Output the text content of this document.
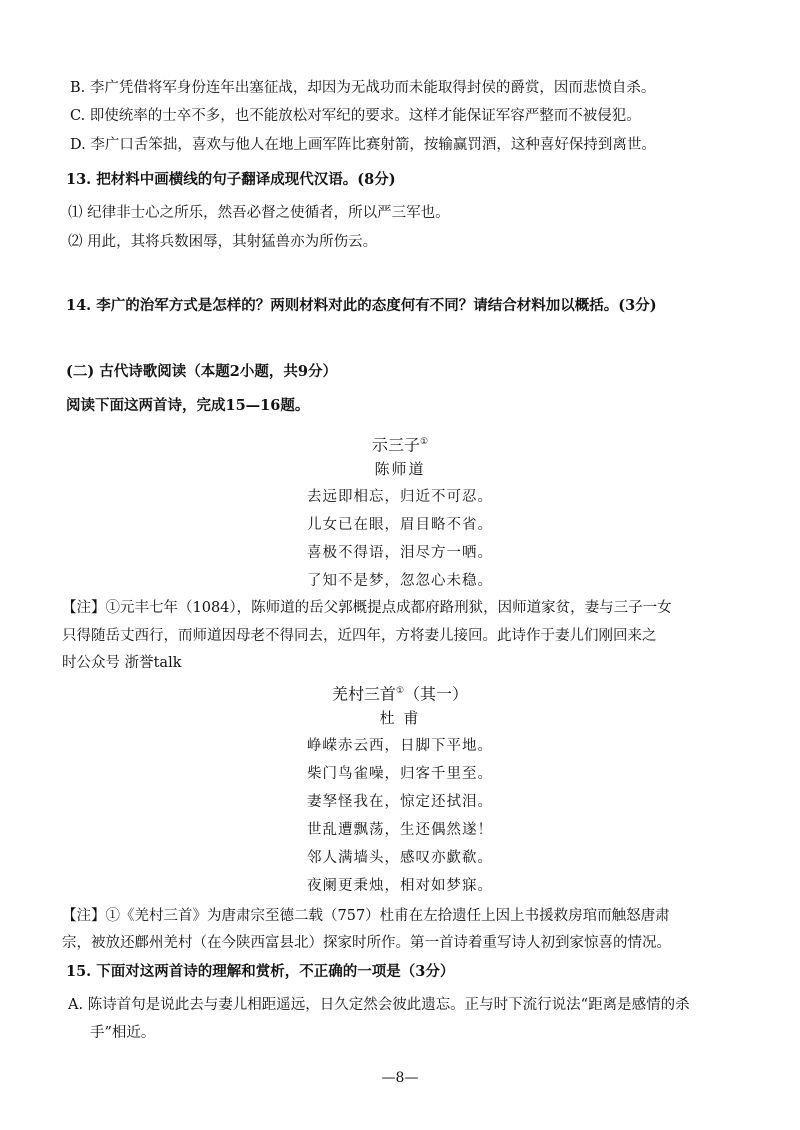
B. 李广凭借将军身份连年出塞征战，却因为无战功而未能取得封侯的爵赏，因而悲愤自杀。
C. 即使统率的士卒不多，也不能放松对军纪的要求。这样才能保证军容严整而不被侵犯。
D. 李广口舌笨拙，喜欢与他人在地上画军阵比赛射箭，按输赢罚酒，这种喜好保持到离世。
13. 把材料中画横线的句子翻译成现代汉语。(8分)
⑴ 纪律非士心之所乐，然吾必督之使循者，所以严三军也。
⑵ 用此，其将兵数困辱，其射猛兽亦为所伤云。
14. 李广的治军方式是怎样的？两则材料对此的态度何有不同？请结合材料加以概括。(3分)
(二) 古代诗歌阅读（本题2小题，共9分）
阅读下面这两首诗，完成15—16题。
示三子①
陈师道
去远即相忘，归近不可忍。
儿女已在眼，眉目略不省。
喜极不得语，泪尽方一哂。
了知不是梦，忽忽心未稳。
【注】①元丰七年（1084），陈师道的岳父郭概提点成都府路刑狱，因师道家贫，妻与三子一女
只得随岳丈西行，而师道因母老不得同去，近四年，方将妻儿接回。此诗作于妻儿们刚回来之
时公众号 浙誉talk
羌村三首①（其一）
杜 甫
峥嵘赤云西，日脚下平地。
柴门鸟雀噪，归客千里至。
妻孥怪我在，惊定还拭泪。
世乱遭飘荡，生还偶然遂！
邻人满墙头，感叹亦歔欷。
夜阑更秉烛，相对如梦寐。
【注】①《羌村三首》为唐肃宗至德二载（757）杜甫在左拾遗任上因上书援救房琯而触怒唐肃
宗，被放还鄜州羌村（在今陕西富县北）探家时所作。第一首诗着重写诗人初到家惊喜的情况。
15. 下面对这两首诗的理解和赏析，不正确的一项是（3分）
A. 陈诗首句是说此去与妻儿相距遥远，日久定然会彼此遗忘。正与时下流行说法“距离是感情的杀
手”相近。
—8—
